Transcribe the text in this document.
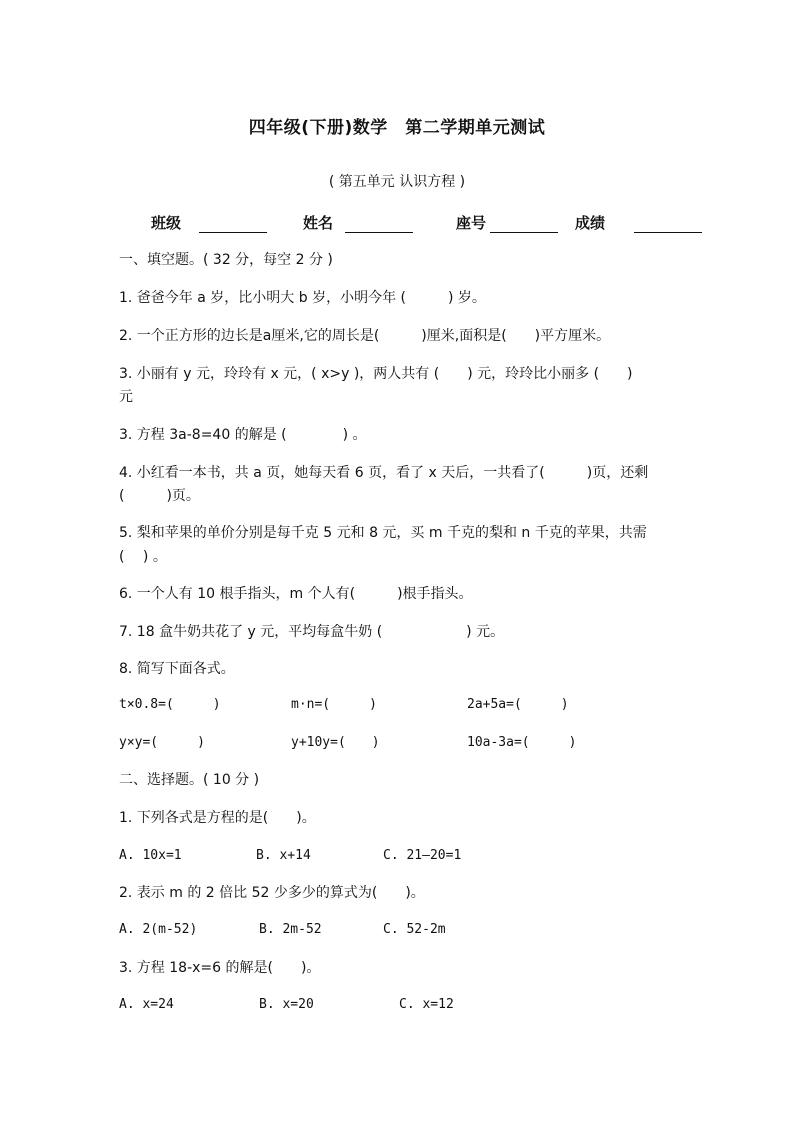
四年级(下册)数学　第二学期单元测试
( 第五单元 认识方程 )
班级	姓名	座号	成绩
一、填空题。( 32 分，每空 2 分 )
1. 爸爸今年 a 岁，比小明大 b 岁，小明今年 (　　　) 岁。
2. 一个正方形的边长是a厘米,它的周长是(　　　)厘米,面积是(　　)平方厘米。
3. 小丽有 y 元，玲玲有 x 元，( x>y )，两人共有 (　　) 元，玲玲比小丽多 (　　)
元
3. 方程 3a-8=40 的解是 (　　　　) 。
4. 小红看一本书，共 a 页，她每天看 6 页，看了 x 天后，一共看了(　　　)页，还剩
(　　　)页。
5. 梨和苹果的单价分别是每千克 5 元和 8 元，买 m 千克的梨和 n 千克的苹果，共需
(　 ) 。
6. 一个人有 10 根手指头，m 个人有(　　　)根手指头。
7. 18 盒牛奶共花了 y 元，平均每盒牛奶 (　　　　　　) 元。
8. 简写下面各式。
t×0.8=(　　　)	m·n=(　　　)	2a+5a=(　　　)
y×y=(　　　)	y+10y=(　　)	10a-3a=(　　　)
二、选择题。( 10 分 )
1. 下列各式是方程的是(　　)。
A. 10x=1	B. x+14	C. 21—20=1
2. 表示 m 的 2 倍比 52 少多少的算式为(　　)。
A. 2(m-52)	B. 2m-52	C. 52-2m
3. 方程 18-x=6 的解是(　　)。
A. x=24	B. x=20	C. x=12
